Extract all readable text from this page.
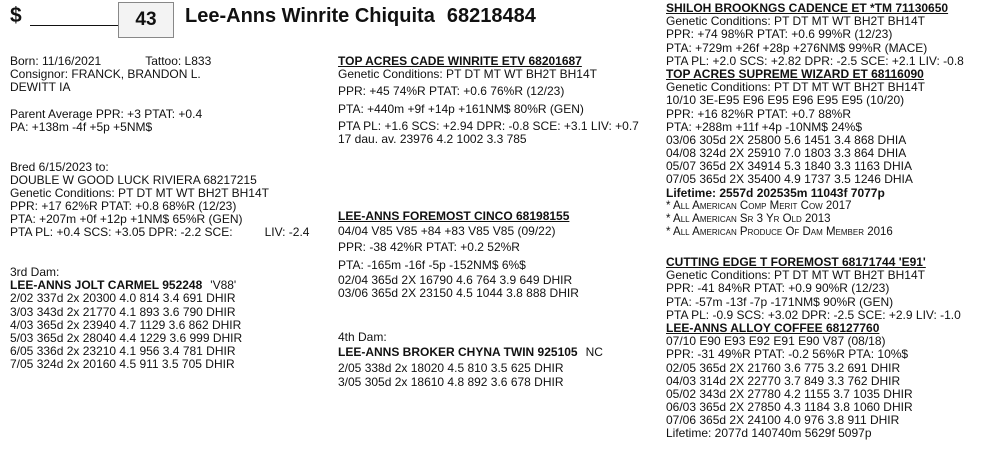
$	43	Lee-Anns Winrite Chiquita 68218484
Born: 11/16/2021	Tattoo: L833
Consignor: FRANCK, BRANDON L.
DEWITT IA
Parent Average PPR: +3 PTAT: +0.4
PA: +138m -4f +5p +5NM$
Bred 6/15/2023 to:
DOUBLE W GOOD LUCK RIVIERA 68217215
Genetic Conditions: PT DT MT WT BH2T BH14T
PPR: +17 62%R PTAT: +0.8 68%R (12/23)
PTA: +207m +0f +12p +1NM$ 65%R (GEN)
PTA PL: +0.4 SCS: +3.05 DPR: -2.2 SCE:	LIV: -2.4
3rd Dam:
LEE-ANNS JOLT CARMEL 952248 'V88'
2/02 337d 2x 20300 4.0 814 3.4 691 DHIR
3/03 343d 2x 21770 4.1 893 3.6 790 DHIR
4/03 365d 2x 23940 4.7 1129 3.6 862 DHIR
5/03 365d 2x 28040 4.4 1229 3.6 999 DHIR
6/05 336d 2x 23210 4.1 956 3.4 781 DHIR
7/05 324d 2x 20160 4.5 911 3.5 705 DHIR
TOP ACRES CADE WINRITE ETV 68201687
Genetic Conditions: PT DT MT WT BH2T BH14T
PPR: +45 74%R PTAT: +0.6 76%R (12/23)
PTA: +440m +9f +14p +161NM$ 80%R (GEN)
PTA PL: +1.6 SCS: +2.94 DPR: -0.8 SCE: +3.1 LIV: +0.7
17 dau. av. 23976 4.2 1002 3.3 785
LEE-ANNS FOREMOST CINCO 68198155
04/04 V85 V85 +84 +83 V85 V85 (09/22)
PPR: -38 42%R PTAT: +0.2 52%R
PTA: -165m -16f -5p -152NM$ 6%$
02/04 365d 2X 16790 4.6 764 3.9 649 DHIR
03/06 365d 2X 23150 4.5 1044 3.8 888 DHIR
4th Dam:
LEE-ANNS BROKER CHYNA TWIN 925105 NC
2/05 338d 2x 18020 4.5 810 3.5 625 DHIR
3/05 305d 2x 18610 4.8 892 3.6 678 DHIR
SHILOH BROOKNGS CADENCE ET *TM 71130650
Genetic Conditions: PT DT MT WT BH2T BH14T
PPR: +74 98%R PTAT: +0.6 99%R (12/23)
PTA: +729m +26f +28p +276NM$ 99%R (MACE)
PTA PL: +2.0 SCS: +2.82 DPR: -2.5 SCE: +2.1 LIV: -0.8
TOP ACRES SUPREME WIZARD ET 68116090
Genetic Conditions: PT DT MT WT BH2T BH14T
10/10 3E-E95 E96 E95 E96 E95 E95 (10/20)
PPR: +16 82%R PTAT: +0.7 88%R
PTA: +288m +11f +4p -10NM$ 24%$
03/06 305d 2X 25800 5.6 1451 3.4 868 DHIA
04/08 324d 2X 25910 7.0 1803 3.3 864 DHIA
05/07 365d 2X 34914 5.3 1840 3.3 1163 DHIA
07/05 365d 2X 35400 4.9 1737 3.5 1246 DHIA
Lifetime: 2557d 202535m 11043f 7077p
* All American Comp Merit Cow 2017
* All American Sr 3 Yr Old 2013
* All American Produce Of Dam Member 2016
CUTTING EDGE T FOREMOST 68171744 'E91'
Genetic Conditions: PT DT MT WT BH2T BH14T
PPR: -41 84%R PTAT: +0.9 90%R (12/23)
PTA: -57m -13f -7p -171NM$ 90%R (GEN)
PTA PL: -0.9 SCS: +3.02 DPR: -2.5 SCE: +2.9 LIV: -1.0
LEE-ANNS ALLOY COFFEE 68127760
07/10 E90 E93 E92 E91 E90 V87 (08/18)
PPR: -31 49%R PTAT: -0.2 56%R PTA: 10%$
02/05 365d 2X 21760 3.6 775 3.2 691 DHIR
04/03 314d 2X 22770 3.7 849 3.3 762 DHIR
05/02 343d 2X 27780 4.2 1155 3.7 1035 DHIR
06/03 365d 2X 27850 4.3 1184 3.8 1060 DHIR
07/06 365d 2X 24100 4.0 976 3.8 911 DHIR
Lifetime: 2077d 140740m 5629f 5097p
